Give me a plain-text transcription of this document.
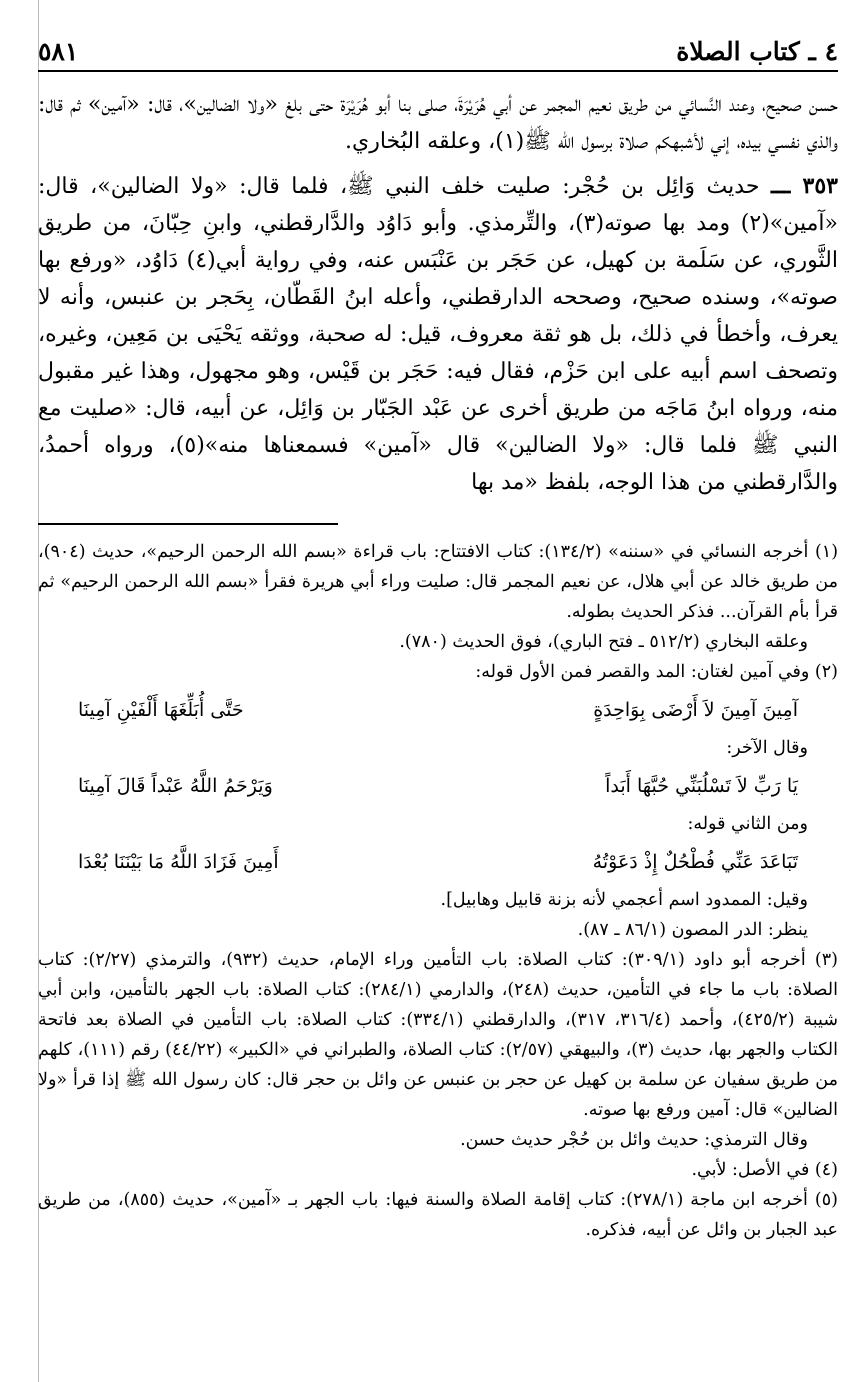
٤ ـ كتاب الصلاة
٥٨١

حسن صحيح، وعند النَّسائي من طريق نعيم المجمر عن أبي هُرَيْرَةَ، صلى بنا أبو هُرَيْرَة حتى بلغ «ولا الضالين»، قال: «آمين» ثم قال: والذي نفسي بيده، إني لأشبهكم صلاة برسول الله ﷺ(١)، وعلقه البُخاري.

٣٥٣ ـــ حديث وَائِل بن حُجْر: صليت خلف النبي ﷺ، فلما قال: «ولا الضالين»، قال: «آمين»(٢) ومد بها صوته(٣)، والتِّرمذي. وأبو دَاوُد والدَّارقطني، وابنِ حِبّانَ، من طريق الثَّوري، عن سَلَمة بن كهيل، عن حَجَر بن عَنْبَس عنه، وفي رواية أبي(٤) دَاوُد، «ورفع بها صوته»، وسنده صحيح، وصححه الدارقطني، وأعله ابنُ القَطّان، بِحَجر بن عنبس، وأنه لا يعرف، وأخطأ في ذلك، بل هو ثقة معروف، قيل: له صحبة، ووثقه يَحْيَى بن مَعِين، وغيره، وتصحف اسم أبيه على ابن حَزْم، فقال فيه: حَجَر بن قَيْس، وهو مجهول، وهذا غير مقبول منه، ورواه ابنُ مَاجَه من طريق أخرى عن عَبْد الجَبّار بن وَائِل، عن أبيه، قال: «صليت مع النبي ﷺ فلما قال: «ولا الضالين» قال «آمين» فسمعناها منه»(٥)، ورواه أحمدُ، والدَّارقطني من هذا الوجه، بلفظ «مد بها

(١) أخرجه النسائي في «سننه» (١٣٤/٢): كتاب الافتتاح: باب قراءة «بسم الله الرحمن الرحيم»، حديث (٩٠٤)، من طريق خالد عن أبي هلال، عن نعيم المجمر قال: صليت وراء أبي هريرة فقرأ «بسم الله الرحمن الرحيم» ثم قرأ بأم القرآن... فذكر الحديث بطوله.

وعلقه البخاري (٥١٢/٢ ـ فتح الباري)، فوق الحديث (٧٨٠).

(٢) وفي آمين لغتان: المد والقصر فمن الأول قوله:

آمِينَ آمِينَ لاَ أَرْضَى بِوَاحِدَةٍ
حَتَّى أُبَلِّغَهَا أَلْفَيْنِ آمِينَا

وقال الآخر:

يَا رَبِّ لاَ تَسْلُبَنِّي حُبَّهَا أَبَداً
وَيَرْحَمُ اللَّهُ عَبْداً قَالَ آمِينَا

ومن الثاني قوله:

تَبَاعَدَ عَنِّي فُطْحُلٌ إِذْ دَعَوْتُهُ
أَمِينَ فَزَادَ اللَّهُ مَا بَيْنَنَا بُعْدَا

وقيل: الممدود اسم أعجمي لأنه بزنة قابيل وهابيل].

ينظر: الدر المصون (٨٦/١ ـ ٨٧).

(٣) أخرجه أبو داود (٣٠٩/١): كتاب الصلاة: باب التأمين وراء الإمام، حديث (٩٣٢)، والترمذي (٢/٢٧): كتاب الصلاة: باب ما جاء في التأمين، حديث (٢٤٨)، والدارمي (٢٨٤/١): كتاب الصلاة: باب الجهر بالتأمين، وابن أبي شيبة (٤٢٥/٢)، وأحمد (٣١٦/٤، ٣١٧)، والدارقطني (٣٣٤/١): كتاب الصلاة: باب التأمين في الصلاة بعد فاتحة الكتاب والجهر بها، حديث (٣)، والبيهقي (٢/٥٧): كتاب الصلاة، والطبراني في «الكبير» (٤٤/٢٢) رقم (١١١)، كلهم من طريق سفيان عن سلمة بن كهيل عن حجر بن عنبس عن وائل بن حجر قال: كان رسول الله ﷺ إذا قرأ «ولا الضالين» قال: آمين ورفع بها صوته.

وقال الترمذي: حديث وائل بن حُجْر حديث حسن.

(٤) في الأصل: لأبي.

(٥) أخرجه ابن ماجة (٢٧٨/١): كتاب إقامة الصلاة والسنة فيها: باب الجهر بـ «آمين»، حديث (٨٥٥)، من طريق عبد الجبار بن وائل عن أبيه، فذكره.
